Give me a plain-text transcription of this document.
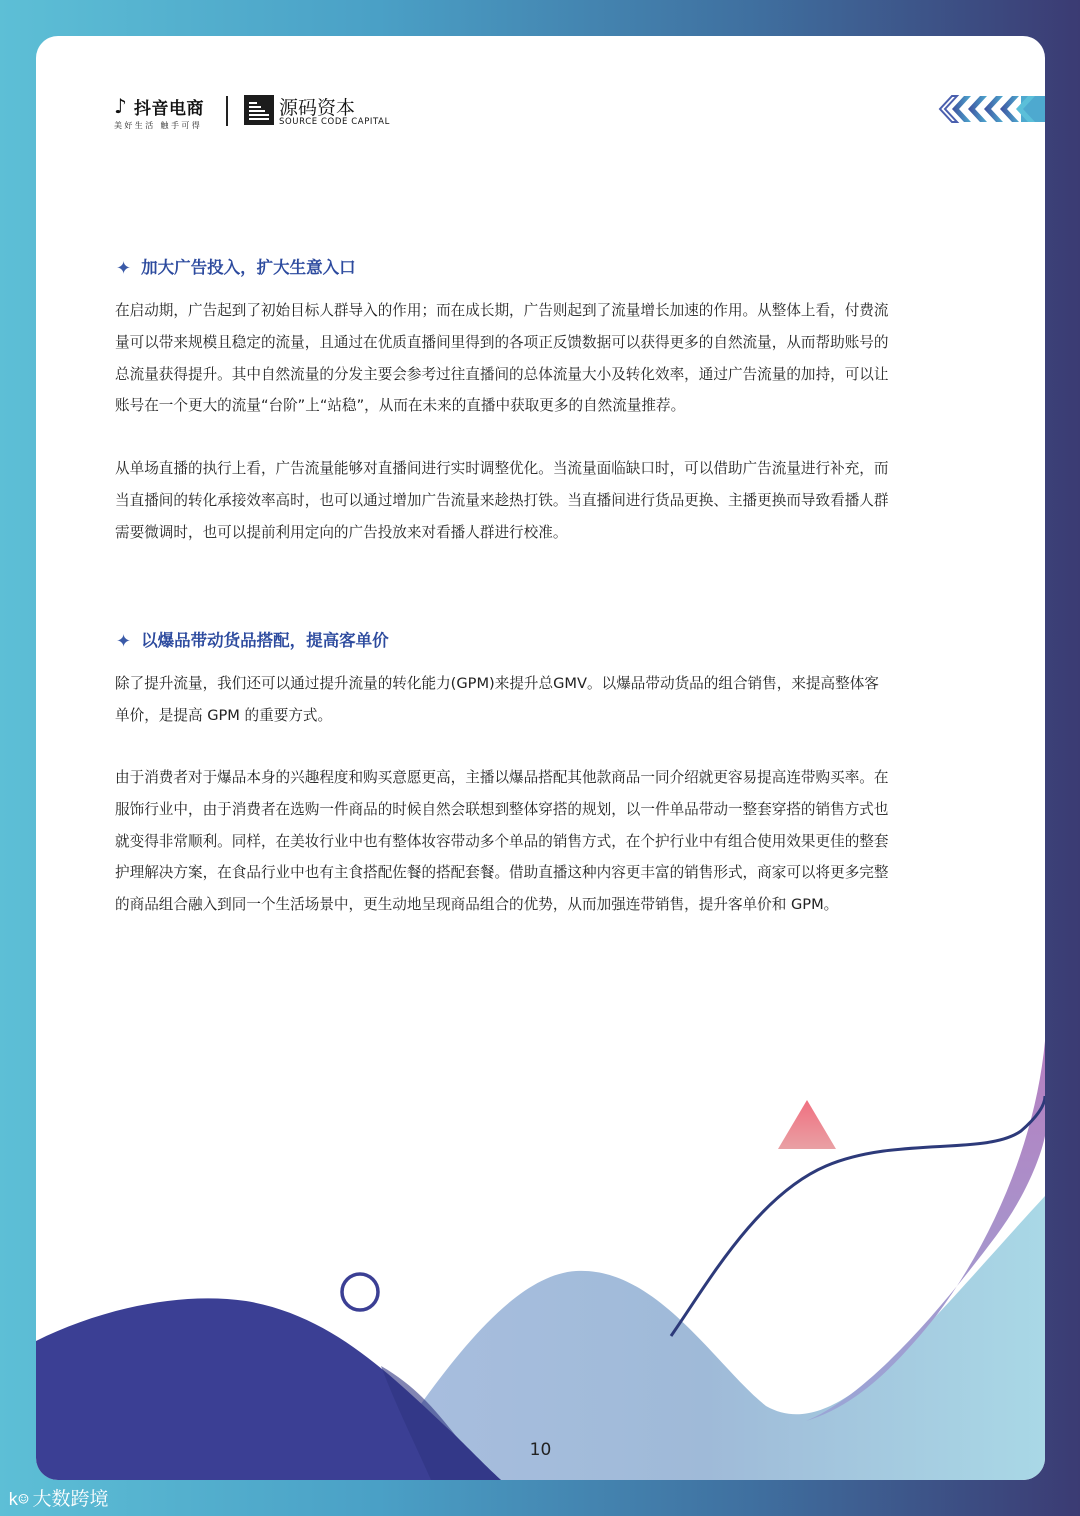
♪ 抖音电商
美好生活 触手可得
源码资本
SOURCE CODE CAPITAL
✦ 加大广告投入，扩大生意入口
在启动期，广告起到了初始目标人群导入的作用；而在成长期，广告则起到了流量增长加速的作用。从整体上看，付费流
量可以带来规模且稳定的流量，且通过在优质直播间里得到的各项正反馈数据可以获得更多的自然流量，从而帮助账号的
总流量获得提升。其中自然流量的分发主要会参考过往直播间的总体流量大小及转化效率，通过广告流量的加持，可以让
账号在一个更大的流量“台阶”上“站稳”，从而在未来的直播中获取更多的自然流量推荐。
从单场直播的执行上看，广告流量能够对直播间进行实时调整优化。当流量面临缺口时，可以借助广告流量进行补充，而
当直播间的转化承接效率高时，也可以通过增加广告流量来趁热打铁。当直播间进行货品更换、主播更换而导致看播人群
需要微调时，也可以提前利用定向的广告投放来对看播人群进行校准。
✦ 以爆品带动货品搭配，提高客单价
除了提升流量，我们还可以通过提升流量的转化能力(GPM)来提升总GMV。以爆品带动货品的组合销售，来提高整体客
单价，是提高 GPM 的重要方式。
由于消费者对于爆品本身的兴趣程度和购买意愿更高，主播以爆品搭配其他款商品一同介绍就更容易提高连带购买率。在
服饰行业中，由于消费者在选购一件商品的时候自然会联想到整体穿搭的规划，以一件单品带动一整套穿搭的销售方式也
就变得非常顺利。同样，在美妆行业中也有整体妆容带动多个单品的销售方式，在个护行业中有组合使用效果更佳的整套
护理解决方案，在食品行业中也有主食搭配佐餐的搭配套餐。借助直播这种内容更丰富的销售形式，商家可以将更多完整
的商品组合融入到同一个生活场景中，更生动地呈现商品组合的优势，从而加强连带销售，提升客单价和 GPM。
10
k☺ 大数跨境
